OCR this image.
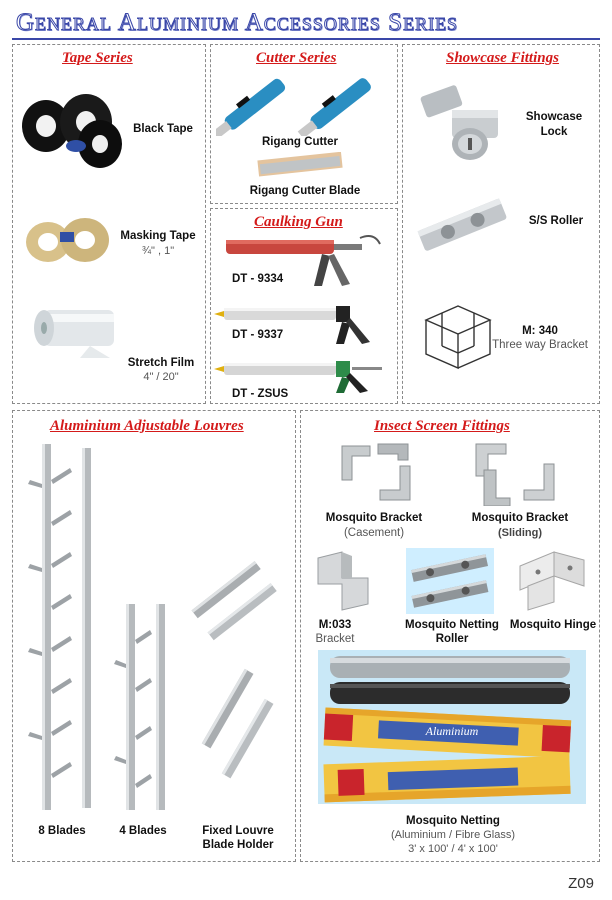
General Aluminium Accessories Series
Tape Series
Black Tape
Masking Tape
¾" , 1"
Stretch Film
4" / 20"
Cutter Series
Rigang Cutter
Rigang Cutter Blade
Caulking Gun
DT - 9334
DT - 9337
DT - ZSUS
Showcase Fittings
Showcase
Lock
S/S Roller
M: 340
Three way Bracket
Aluminium Adjustable Louvres
8 Blades	4 Blades	Fixed Louvre
Blade Holder
Insect Screen Fittings
Mosquito Bracket
(Casement)
Mosquito Bracket
(Sliding)
M:033
Bracket
Mosquito Netting
Roller
Mosquito Hinge
Aluminium
Mosquito Netting
(Aluminium / Fibre Glass)
3' x 100' / 4' x 100'
Z09
